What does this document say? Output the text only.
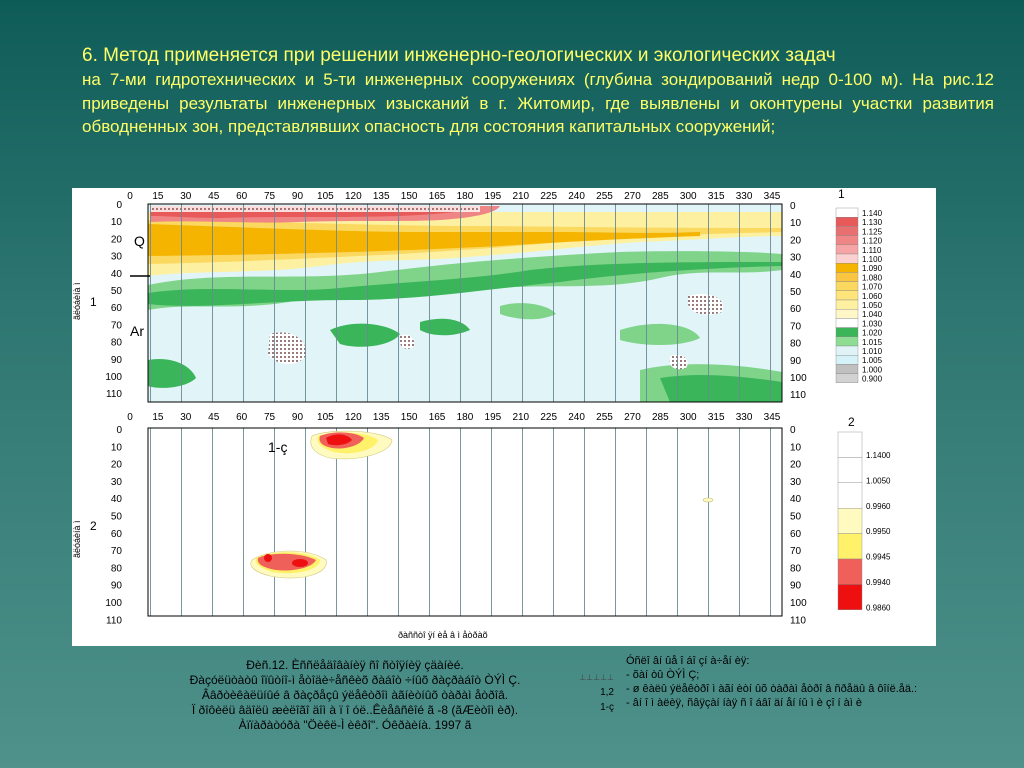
6. Метод применяется при решении инженерно-геологических и экологических задач
на 7-ми гидротехнических и 5-ти инженерных сооружениях (глубина зондирований недр 0-100 м). На рис.12 приведены результаты инженерных изысканий в г. Житомир, где выявлены и оконтурены участки развития обводненных зон, представлявших опасность для состояния капитальных сооружений;
0 15 30 45 60 75 90 105 120 135 150 165 180 195 210 225 240 255 270 285 300 315 330 345
0
10
20
30
40
50
60
70
80
90
100
110
0
10
20
30
40
50
60
70
80
90
100
110
0 15 30 45 60 75 90 105 120 135 150 165 180 195 210 225 240 255 270 285 300 315 330 345
0
10
20
30
40
50
60
70
80
90
100
110
0
10
20
30
40
50
60
70
80
90
100
110
ãëóáèíà ì
ãëóáèíà ì
1
2
Q
Ar
1-ç
ðàññòî ÿí èå â ì åòðàõ
1
1.140
1.130
1.125
1.120
1.110
1.100
1.090
1.080
1.070
1.060
1.050
1.040
1.030
1.020
1.015
1.010
1.005
1.000
0.900
2
1.1400
1.0050
0.9960
0.9950
0.9945
0.9940
0.9860
Ðèñ.12. Èññëåäîâàíèÿ ñî ñòîÿíèÿ çäàíèé.
Ðàçóëüòàòû îïûòíî-ì åòîäè÷åñêèõ ðàáîò ÷íûõ ðàçðàáîò ÒÝÌ Ç.
Ââðòèêàëüíûé â ðàçðåçû ýëåêòðîì àãíèòíûõ òàðàì åòðîâ.
Ï ðîôèëü âäîëü æèëîãî äîì à ï î óë..Êèåâñêîé ã -8 (ãÆèòîì èð).
Àïïàðàòóðà "Öèêë-Ì èêðî". Óêðàèíà. 1997 ã
⊥⊥⊥⊥⊥
1,2
1-ç
Óñëî âí ûå î áî çí à÷åí èÿ:
- õàí òû ÒÝÌ Ç;
- ø êàëû ýëåêòðî ì àãí èòí ûõ òàðàì åòðî â ñðåäû â ôîíë.åä.:
- âí î ì àëèÿ, ñâÿçàí íàÿ ñ î áâî äí åí íû ì è çî í àì è
